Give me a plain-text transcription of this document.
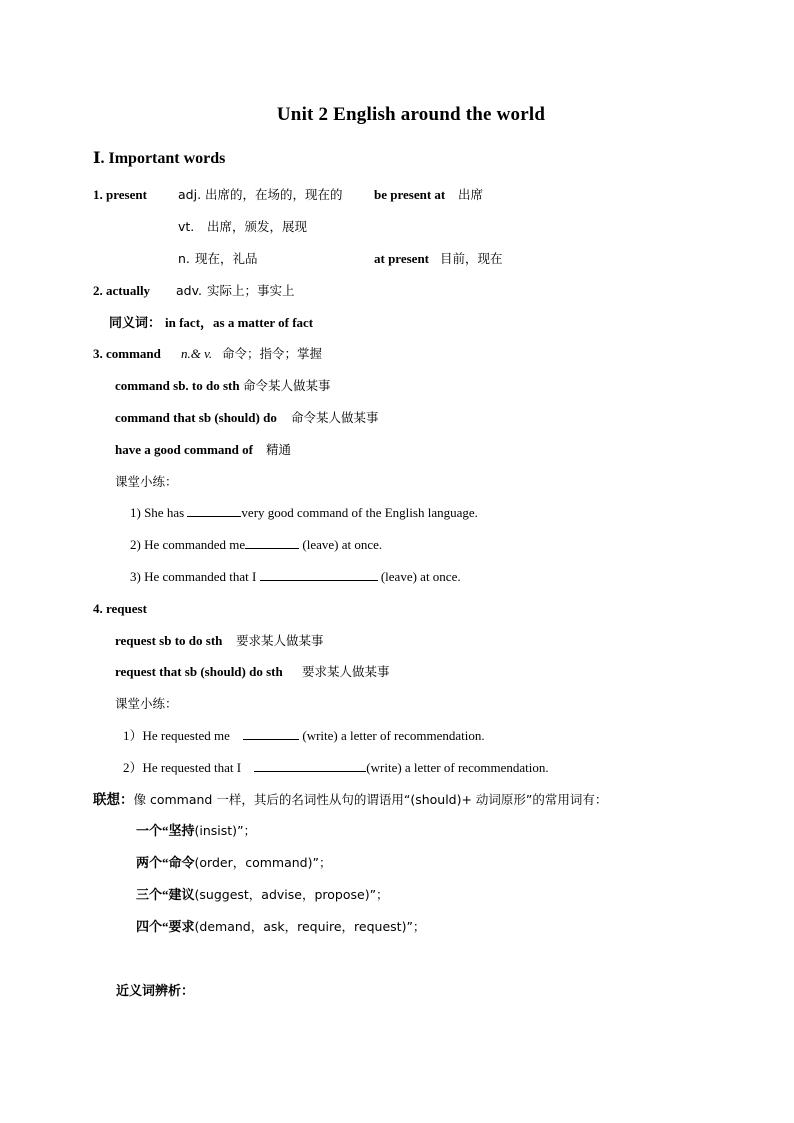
Unit 2 English around the world
Ⅰ. Important words
1. present adj. 出席的，在场的，现在的 be present at 出席
vt. 出席，颁发，展现
n. 现在，礼品	at present 目前，现在
2. actually adv. 实际上；事实上
同义词： in fact，as a matter of fact
3. command n.& v. 命令；指令；掌握
command sb. to do sth 命令某人做某事
command that sb (should) do 命令某人做某事
have a good command of 精通
课堂小练：
1) She has	very good command of the English language.
2) He commanded me	(leave) at once.
3) He commanded that I	(leave) at once.
4. request
request sb to do sth 要求某人做某事
request that sb (should) do sth 要求某人做某事
课堂小练：
1）He requested me	(write) a letter of recommendation.
2）He requested that I	(write) a letter of recommendation.
联想：像 command 一样，其后的名词性从句的谓语用“(should)+ 动词原形”的常用词有：
一个“坚持(insist)”；
两个“命令(order，command)”；
三个“建议(suggest，advise，propose)”；
四个“要求(demand，ask，require，request)”；
近义词辨析：
